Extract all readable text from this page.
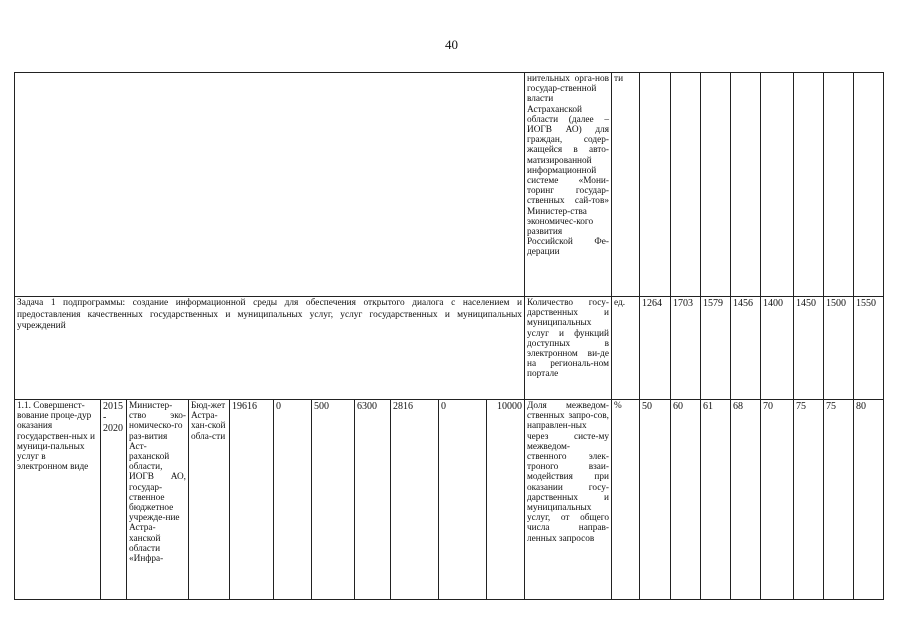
40
											нительных орга-нов государ-ственной власти Астраханской области (далее – ИОГВ АО) для граждан, содер-жащейся в авто-матизированной информационной системе «Мони-торинг государ-ственных сай-тов» Министер-ства экономичес-кого развития Российской Фе-дерации	ти								
Задача 1 подпрограммы: создание информационной среды для обеспечения открытого диалога с населением и предоставления качественных государственных и муниципальных услуг, услуг государственных и муниципальных учреждений											Количество госу-дарственных и муниципальных услуг и функций доступных в электронном ви-де на региональ-ном портале	ед.	1264	1703	1579	1456	1400	1450	1500	1550
1.1. Совершенст-вование проце-дур оказания государствен-ных и муници-пальных услуг в электронном виде	2015 - 2020	Министер-ство эко-номическо-го раз-вития Аст-раханской области, ИОГВ АО, государ-ственное бюджетное учрежде-ние Астра-ханской области «Инфра-	Бюд-жет Астра-хан-ской обла-сти	19616	0	500	6300	2816	0	10000	Доля межведом-ственных запро-сов, направлен-ных через систе-му межведом-ственного элек-троного взаи-модействия при оказании госу-дарственных и муниципальных услуг, от общего числа направ-ленных запросов	%	50	60	61	68	70	75	75	80
